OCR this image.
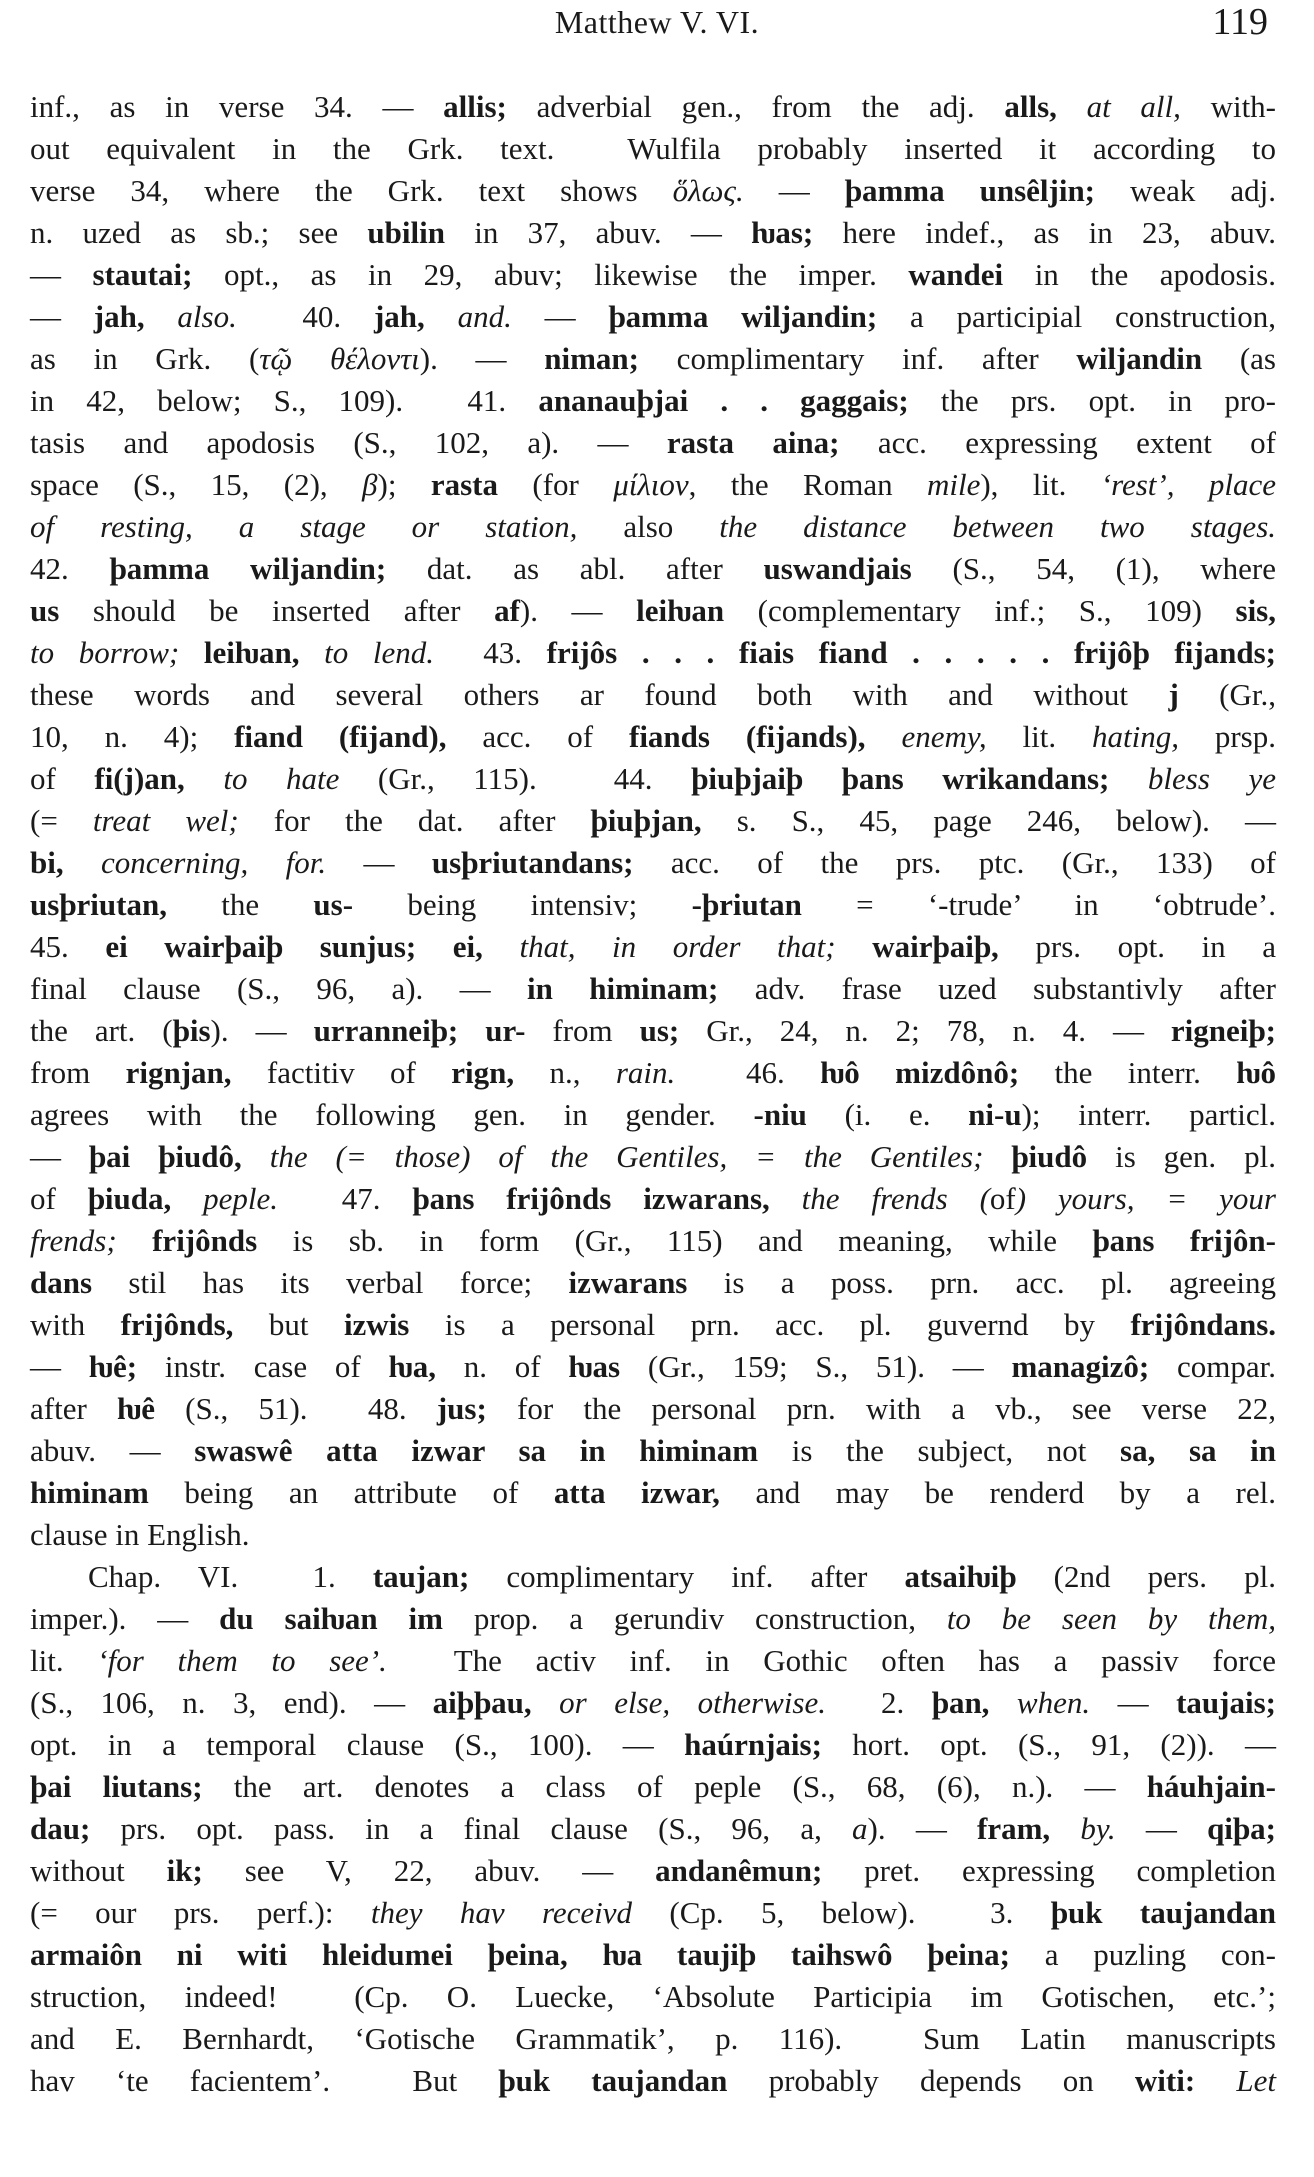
Matthew V. VI.	119
inf., as in verse 34. — allis; adverbial gen., from the adj. alls, at all, with-
out equivalent in the Grk. text.  Wulfila probably inserted it according to
verse 34, where the Grk. text shows ὅλως. — þamma unsêljin; weak adj.
n. uzed as sb.; see ubilin in 37, abuv. — ƕas; here indef., as in 23, abuv.
— stautai; opt., as in 29, abuv; likewise the imper. wandei in the apodosis.
— jah, also.  40. jah, and. — þamma wiljandin; a participial construction,
as in Grk. (τῷ θέλοντι). — niman; complimentary inf. after wiljandin (as
in 42, below; S., 109).  41. ananauþjai . . gaggais; the prs. opt. in pro-
tasis and apodosis (S., 102, a). — rasta aina; acc. expressing extent of
space (S., 15, (2), β); rasta (for μίλιον, the Roman mile), lit. ‘rest’, place
of resting, a stage or station, also the distance between two stages.
42. þamma wiljandin; dat. as abl. after uswandjais (S., 54, (1), where
us should be inserted after af). — leiƕan (complementary inf.; S., 109) sis,
to borrow; leiƕan, to lend.  43. frijôs . . . fiais fiand . . . . . frijôþ fijands;
these words and several others ar found both with and without j (Gr.,
10, n. 4); fiand (fijand), acc. of fiands (fijands), enemy, lit. hating, prsp.
of fi(j)an, to hate (Gr., 115).  44. þiuþjaiþ þans wrikandans; bless ye
(= treat wel; for the dat. after þiuþjan, s. S., 45, page 246, below). —
bi, concerning, for. — usþriutandans; acc. of the prs. ptc. (Gr., 133) of
usþriutan, the us- being intensiv; -þriutan = ‘-trude’ in ‘obtrude’.
45. ei wairþaiþ sunjus; ei, that, in order that; wairþaiþ, prs. opt. in a
final clause (S., 96, a). — in himinam; adv. frase uzed substantivly after
the art. (þis). — urranneiþ; ur- from us; Gr., 24, n. 2; 78, n. 4. — rigneiþ;
from rignjan, factitiv of rign, n., rain.  46. ƕô mizdônô; the interr. ƕô
agrees with the following gen. in gender. -niu (i. e. ni-u); interr. particl.
— þai þiudô, the (= those) of the Gentiles, = the Gentiles; þiudô is gen. pl.
of þiuda, peple.  47. þans frijônds izwarans, the frends (of) yours, = your
frends; frijônds is sb. in form (Gr., 115) and meaning, while þans frijôn-
dans stil has its verbal force; izwarans is a poss. prn. acc. pl. agreeing
with frijônds, but izwis is a personal prn. acc. pl. guvernd by frijôndans.
— ƕê; instr. case of ƕa, n. of ƕas (Gr., 159; S., 51). — managizô; compar.
after ƕê (S., 51).  48. jus; for the personal prn. with a vb., see verse 22,
abuv. — swaswê atta izwar sa in himinam is the subject, not sa, sa in
himinam being an attribute of atta izwar, and may be renderd by a rel.
clause in English.
Chap. VI.  1. taujan; complimentary inf. after atsaiƕiþ (2nd pers. pl.
imper.). — du saiƕan im prop. a gerundiv construction, to be seen by them,
lit. ‘for them to see’.  The activ inf. in Gothic often has a passiv force
(S., 106, n. 3, end). — aiþþau, or else, otherwise.  2. þan, when. — taujais;
opt. in a temporal clause (S., 100). — haúrnjais; hort. opt. (S., 91, (2)). —
þai liutans; the art. denotes a class of peple (S., 68, (6), n.). — háuhjain-
dau; prs. opt. pass. in a final clause (S., 96, a, a). — fram, by. — qiþa;
without ik; see V, 22, abuv. — andanêmun; pret. expressing completion
(= our prs. perf.): they hav receivd (Cp. 5, below).  3. þuk taujandan
armaiôn ni witi hleidumei þeina, ƕa taujiþ taihswô þeina; a puzling con-
struction, indeed!  (Cp. O. Luecke, ‘Absolute Participia im Gotischen, etc.’;
and E. Bernhardt, ‘Gotische Grammatik’, p. 116).  Sum Latin manuscripts
hav ‘te facientem’.  But þuk taujandan probably depends on witi: Let
